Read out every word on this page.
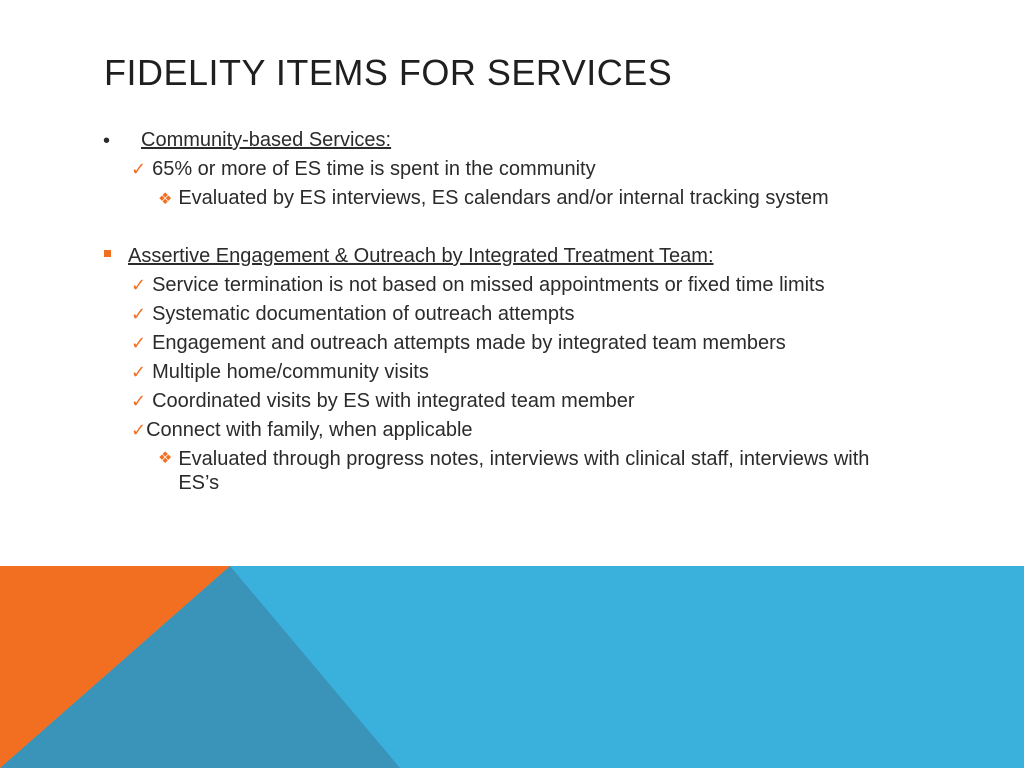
FIDELITY ITEMS FOR SERVICES
• Community-based Services:
✓ 65% or more of ES time is spent in the community
❖ Evaluated by ES interviews, ES calendars and/or internal tracking system
Assertive Engagement & Outreach by Integrated Treatment Team:
✓ Service termination is not based on missed appointments or fixed time limits
✓ Systematic documentation of outreach attempts
✓ Engagement and outreach attempts made by integrated team members
✓ Multiple home/community visits
✓ Coordinated visits by ES with integrated team member
✓ Connect with family, when applicable
❖ Evaluated through progress notes, interviews with clinical staff, interviews with ES’s
